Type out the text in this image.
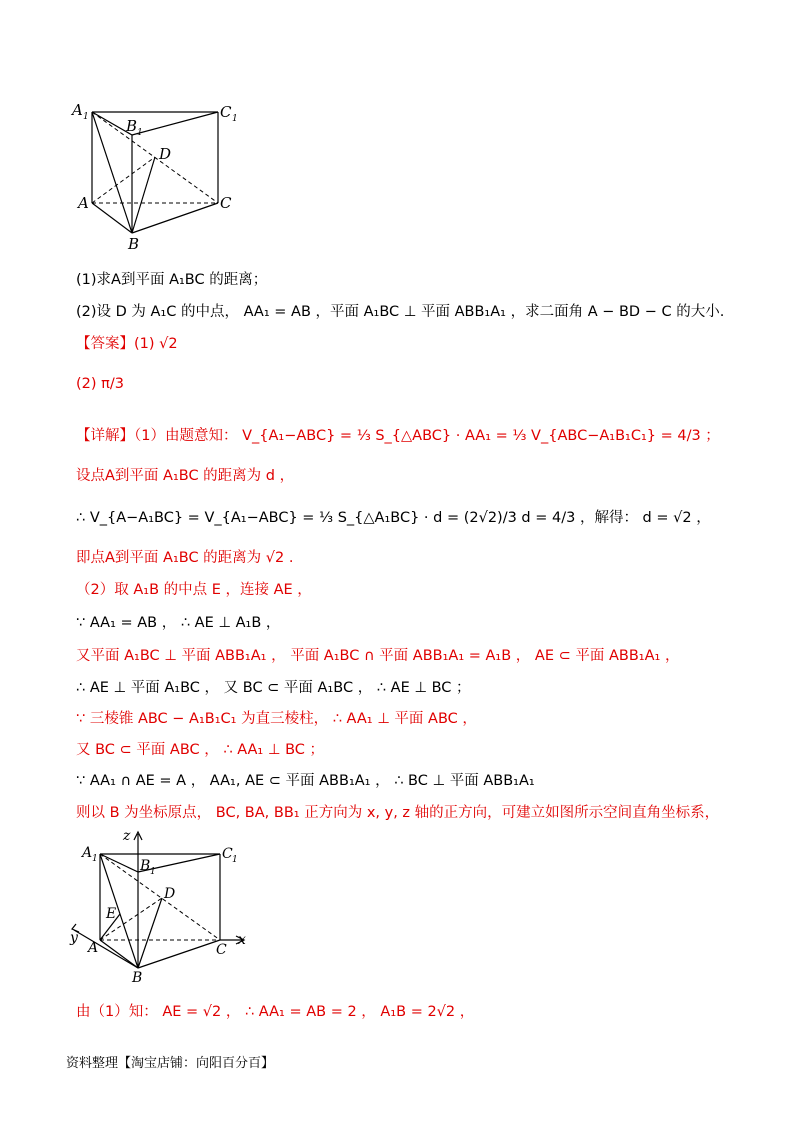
A 1 B 1
C 1
D
A	C
B
(1)求A到平面 A₁BC 的距离；
(2)设 D 为 A₁C 的中点， AA₁ = AB ，平面 A₁BC ⊥ 平面 ABB₁A₁ ，求二面角 A − BD − C 的大小.
【答案】(1) √2
(2) π/3
【详解】（1）由题意知： V_{A₁−ABC} = ⅓ S_{△ABC} · AA₁ = ⅓ V_{ABC−A₁B₁C₁} = 4/3 ；
设点A到平面 A₁BC 的距离为 d ，
∴ V_{A−A₁BC} = V_{A₁−ABC} = ⅓ S_{△A₁BC} · d = (2√2)/3 d = 4/3 ，解得： d = √2 ，
即点A到平面 A₁BC 的距离为 √2 .
（2）取 A₁B 的中点 E ，连接 AE ，
∵ AA₁ = AB ， ∴ AE ⊥ A₁B ，
又平面 A₁BC ⊥ 平面 ABB₁A₁ ， 平面 A₁BC ∩ 平面 ABB₁A₁ = A₁B ， AE ⊂ 平面 ABB₁A₁ ，
∴ AE ⊥ 平面 A₁BC ， 又 BC ⊂ 平面 A₁BC ， ∴ AE ⊥ BC ；
∵ 三棱锥 ABC − A₁B₁C₁ 为直三棱柱， ∴ AA₁ ⊥ 平面 ABC ，
又 BC ⊂ 平面 ABC ， ∴ AA₁ ⊥ BC ；
∵ AA₁ ∩ AE = A ， AA₁, AE ⊂ 平面 ABB₁A₁ ， ∴ BC ⊥ 平面 ABB₁A₁
则以 B 为坐标原点， BC, BA, BB₁ 正方向为 x, y, z 轴的正方向，可建立如图所示空间直角坐标系，
z
y	x
A 1	B 1
C 1
D
E
A	C
B
由（1）知： AE = √2 ， ∴ AA₁ = AB = 2 ， A₁B = 2√2 ，
资料整理【淘宝店铺：向阳百分百】
